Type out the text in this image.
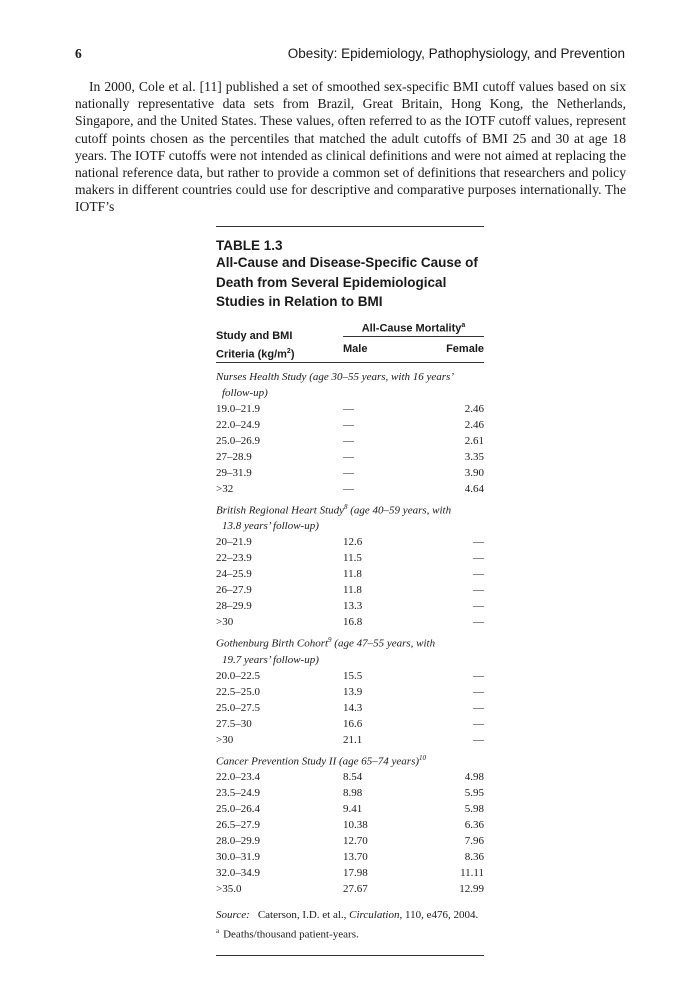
6	Obesity: Epidemiology, Pathophysiology, and Prevention

In 2000, Cole et al. [11] published a set of smoothed sex-specific BMI cutoff values based on six nationally representative data sets from Brazil, Great Britain, Hong Kong, the Netherlands, Singapore, and the United States. These values, often referred to as the IOTF cutoff values, represent cutoff points chosen as the percentiles that matched the adult cutoffs of BMI 25 and 30 at age 18 years. The IOTF cutoffs were not intended as clinical definitions and were not aimed at replacing the national reference data, but rather to provide a common set of definitions that researchers and policy makers in different countries could use for descriptive and comparative purposes internationally. The IOTF’s

TABLE 1.3
All-Cause and Disease-Specific Cause of Death from Several Epidemiological Studies in Relation to BMI
Study and BMI
Criteria $(kg/m^2)$
All-Cause Mortality$^a$
Male	Female
Nurses Health Study (age 30–55 years, with 16 years’
follow-up)		

19.0–21.9	—	2.46
22.0–24.9	—	2.46
25.0–26.9	—	2.61
27–28.9	—	3.35
29–31.9	—	3.90
>32	—	4.64
British Regional Heart Study$^8$ (age 40–59 years, with
13.8 years’ follow-up)		

20–21.9	12.6	—
22–23.9	11.5	—
24–25.9	11.8	—
26–27.9	11.8	—
28–29.9	13.3	—
>30	16.8	—
Gothenburg Birth Cohort$^9$ (age 47–55 years, with
19.7 years’ follow-up)		

20.0–22.5	15.5	—
22.5–25.0	13.9	—
25.0–27.5	14.3	—
27.5–30	16.6	—
>30	21.1	—
Cancer Prevention Study II (age 65–74 years)$^{10}$
22.0–23.4	8.54	4.98
23.5–24.9	8.98	5.95
25.0–26.4	9.41	5.98
26.5–27.9	10.38	6.36
28.0–29.9	12.70	7.96
30.0–31.9	13.70	8.36
32.0–34.9	17.98	11.11
>35.0	27.67	12.99
Source: Caterson, I.D. et al., Circulation, 110, e476, 2004.
$^a$ Deaths/thousand patient-years.
